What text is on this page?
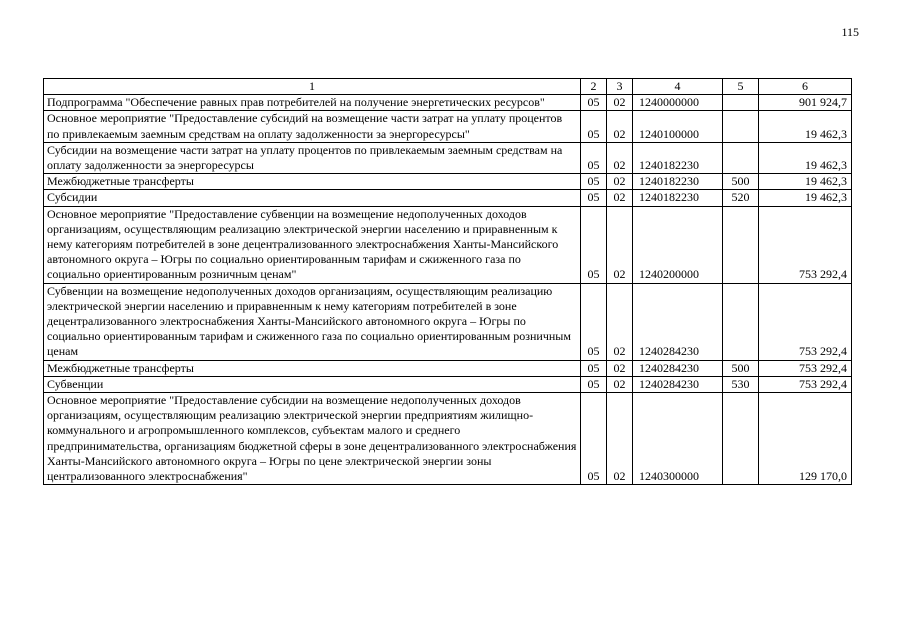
115
1	2	3	4	5	6
Подпрограмма "Обеспечение равных прав потребителей на получение энергетических ресурсов"	05	02	1240000000		901 924,7
Основное мероприятие "Предоставление субсидий на возмещение части затрат на уплату процентов по привлекаемым заемным средствам на оплату задолженности за энергоресурсы"	05	02	1240100000		19 462,3
Субсидии на возмещение части затрат на уплату процентов по привлекаемым заемным средствам на оплату задолженности за энергоресурсы	05	02	1240182230		19 462,3
Межбюджетные трансферты	05	02	1240182230	500	19 462,3
Субсидии	05	02	1240182230	520	19 462,3
Основное мероприятие "Предоставление субвенции на возмещение недополученных доходов организациям, осуществляющим реализацию электрической энергии населению и приравненным к нему категориям потребителей в зоне децентрализованного электроснабжения Ханты-Мансийского автономного округа – Югры по социально ориентированным тарифам и сжиженного газа по социально ориентированным розничным ценам"	05	02	1240200000		753 292,4
Субвенции на возмещение недополученных доходов организациям, осуществляющим реализацию электрической энергии населению и приравненным к нему категориям потребителей в зоне децентрализованного электроснабжения Ханты-Мансийского автономного округа – Югры по социально ориентированным тарифам и сжиженного газа по социально ориентированным розничным ценам	05	02	1240284230		753 292,4
Межбюджетные трансферты	05	02	1240284230	500	753 292,4
Субвенции	05	02	1240284230	530	753 292,4
Основное мероприятие "Предоставление субсидии на возмещение недополученных доходов организациям, осуществляющим реализацию электрической энергии предприятиям жилищно-коммунального и агропромышленного комплексов, субъектам малого и среднего предпринимательства, организациям бюджетной сферы в зоне децентрализованного электроснабжения Ханты-Мансийского автономного округа – Югры по цене электрической энергии зоны централизованного электроснабжения"	05	02	1240300000		129 170,0
